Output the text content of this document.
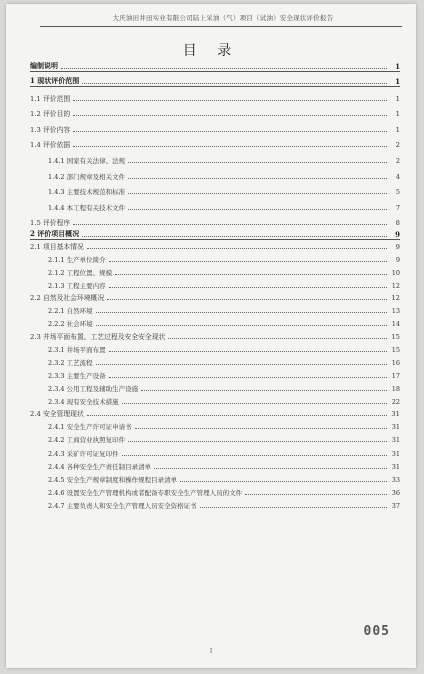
大庆油田井田实业有限公司陆上采油（气）项目（试油）安全现状评价报告
目 录
编制说明	1
1 现状评价范围	1
1.1 评价范围	1
1.2 评价目的	1
1.3 评价内容	1
1.4 评价依据	2
1.4.1 国家有关法律、法规	2
1.4.2 部门规章及相关文件	4
1.4.3 主要技术规范和标准	5
1.4.4 本工程有关技术文件	7
1.5 评价程序	8
2 评价项目概况	9
2.1 项目基本情况	9
2.1.1 生产单位简介	9
2.1.2 工程位置、规模	10
2.1.3 工程主要内容	12
2.2 自然及社会环境概况	12
2.2.1 自然环境	13
2.2.2 社会环境	14
2.3 井场平面布置、工艺过程及安全安全现状	15
2.3.1 井场平面布置	15
2.3.2 工艺流程	16
2.3.3 主要生产设备	17
2.3.4 公用工程及辅助生产设施	18
2.3.4 现有安全技术措施	22
2.4 安全管理现状	31
2.4.1 安全生产许可证申请书	31
2.4.2 工商营业执照复印件	31
2.4.3 采矿许可证复印件	31
2.4.4 各种安全生产责任制目录清单	31
2.4.5 安全生产规章制度和操作规程目录清单	33
2.4.6 设置安全生产管理机构或者配备专职安全生产管理人员的文件	36
2.4.7 主要负责人和安全生产管理人员安全资格证书	37
005
I
